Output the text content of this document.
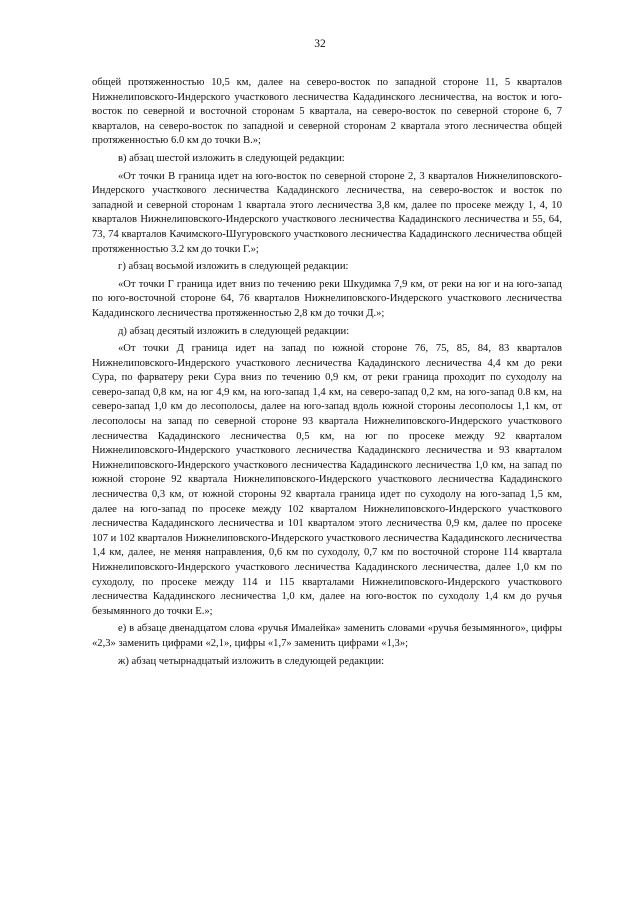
32

общей протяженностью 10,5 км, далее на северо-восток по западной стороне 11, 5 кварталов Нижнелиповского-Индерского участкового лесничества Кададинского лесничества, на восток и юго-восток по северной и восточной сторонам 5 квартала, на северо-восток по северной стороне 6, 7 кварталов, на северо-восток по западной и северной сторонам 2 квартала этого лесничества общей протяженностью 6.0 км до точки В.»;

в) абзац шестой изложить в следующей редакции:

«От точки В граница идет на юго-восток по северной стороне 2, 3 кварталов Нижнелиповского-Индерского участкового лесничества Кададинского лесничества, на северо-восток и восток по западной и северной сторонам 1 квартала этого лесничества 3,8 км, далее по просеке между 1, 4, 10 кварталов Нижнелиповского-Индерского участкового лесничества Кададинского лесничества и 55, 64, 73, 74 кварталов Качимского-Шугуровского участкового лесничества Кададинского лесничества общей протяженностью 3.2 км до точки Г.»;

г) абзац восьмой изложить в следующей редакции:

«От точки Г граница идет вниз по течению реки Шкудимка 7,9 км, от реки на юг и на юго-запад по юго-восточной стороне 64, 76 кварталов Нижнелиповского-Индерского участкового лесничества Кададинского лесничества протяженностью 2,8 км до точки Д.»;

д) абзац десятый изложить в следующей редакции:

«От точки Д граница идет на запад по южной стороне 76, 75, 85, 84, 83 кварталов Нижнелиповского-Индерского участкового лесничества Кададинского лесничества 4,4 км до реки Сура, по фарватеру реки Сура вниз по течению 0,9 км, от реки граница проходит по суходолу на северо-запад 0,8 км, на юг 4,9 км, на юго-запад 1,4 км, на северо-запад 0,2 км, на юго-запад 0.8 км, на северо-запад 1,0 км до лесополосы, далее на юго-запад вдоль южной стороны лесополосы 1,1 км, от лесополосы на запад по северной стороне 93 квартала Нижнелиповского-Индерского участкового лесничества Кададинского лесничества 0,5 км, на юг по просеке между 92 кварталом Нижнелиповского-Индерского участкового лесничества Кададинского лесничества и 93 кварталом Нижнелиповского-Индерского участкового лесничества Кададинского лесничества 1,0 км, на запад по южной стороне 92 квартала Нижнелиповского-Индерского участкового лесничества Кададинского лесничества 0,3 км, от южной стороны 92 квартала граница идет по суходолу на юго-запад 1,5 км, далее на юго-запад по просеке между 102 кварталом Нижнелиповского-Индерского участкового лесничества Кададинского лесничества и 101 кварталом этого лесничества 0,9 км, далее по просеке 107 и 102 кварталов Нижнелиповского-Индерского участкового лесничества Кададинского лесничества 1,4 км, далее, не меняя направления, 0,6 км по суходолу, 0,7 км по восточной стороне 114 квартала Нижнелиповского-Индерского участкового лесничества Кададинского лесничества, далее 1,0 км по суходолу, по просеке между 114 и 115 кварталами Нижнелиповского-Индерского участкового лесничества Кададинского лесничества 1,0 км, далее на юго-восток по суходолу 1,4 км до ручья безымянного до точки Е.»;

е) в абзаце двенадцатом слова «ручья Ималейка» заменить словами «ручья безымянного», цифры «2,3» заменить цифрами «2,1», цифры «1,7» заменить цифрами «1,3»;

ж) абзац четырнадцатый изложить в следующей редакции:
